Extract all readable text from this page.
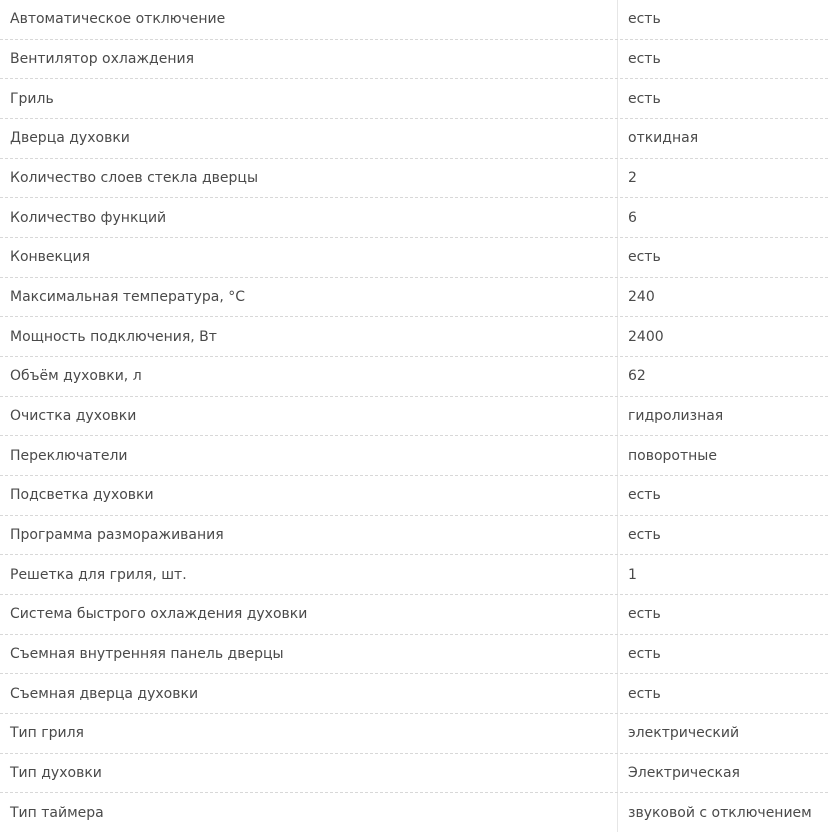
Автоматическое отключение	есть
Вентилятор охлаждения	есть
Гриль	есть
Дверца духовки	откидная
Количество слоев стекла дверцы	2
Количество функций	6
Конвекция	есть
Максимальная температура, °С	240
Мощность подключения, Вт	2400
Объём духовки, л	62
Очистка духовки	гидролизная
Переключатели	поворотные
Подсветка духовки	есть
Программа размораживания	есть
Решетка для гриля, шт.	1
Система быстрого охлаждения духовки	есть
Съемная внутренняя панель дверцы	есть
Съемная дверца духовки	есть
Тип гриля	электрический
Тип духовки	Электрическая
Тип таймера	звуковой с отключением
